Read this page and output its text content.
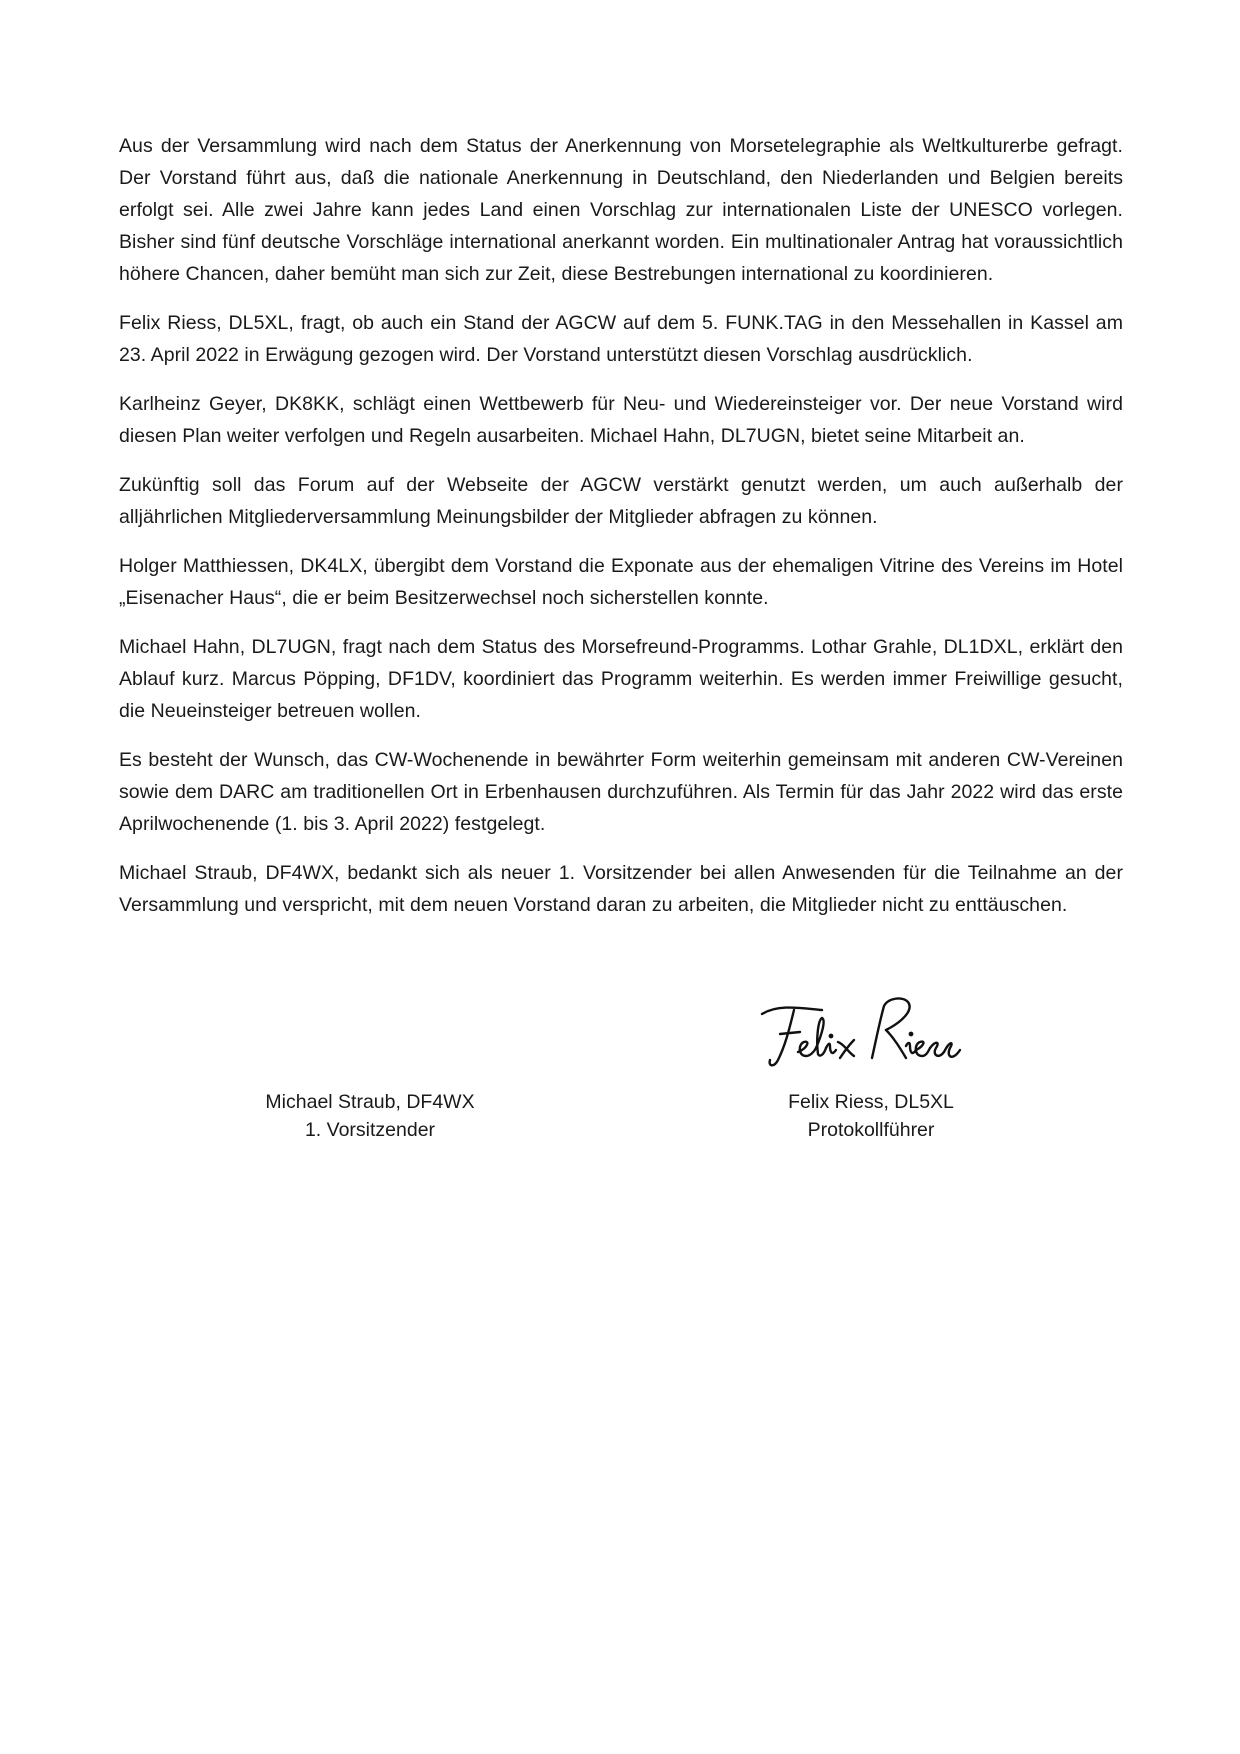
Aus der Versammlung wird nach dem Status der Anerkennung von Morsetelegraphie als Weltkulturerbe gefragt. Der Vorstand führt aus, daß die nationale Anerkennung in Deutschland, den Niederlanden und Belgien bereits erfolgt sei. Alle zwei Jahre kann jedes Land einen Vorschlag zur internationalen Liste der UNESCO vorlegen. Bisher sind fünf deutsche Vorschläge international anerkannt worden. Ein multinationaler Antrag hat voraussichtlich höhere Chancen, daher bemüht man sich zur Zeit, diese Bestrebungen international zu koordinieren.

Felix Riess, DL5XL, fragt, ob auch ein Stand der AGCW auf dem 5. FUNK.TAG in den Messehallen in Kassel am 23. April 2022 in Erwägung gezogen wird. Der Vorstand unterstützt diesen Vorschlag ausdrücklich.

Karlheinz Geyer, DK8KK, schlägt einen Wettbewerb für Neu- und Wiedereinsteiger vor. Der neue Vorstand wird diesen Plan weiter verfolgen und Regeln ausarbeiten. Michael Hahn, DL7UGN, bietet seine Mitarbeit an.

Zukünftig soll das Forum auf der Webseite der AGCW verstärkt genutzt werden, um auch außerhalb der alljährlichen Mitgliederversammlung Meinungsbilder der Mitglieder abfragen zu können.

Holger Matthiessen, DK4LX, übergibt dem Vorstand die Exponate aus der ehemaligen Vitrine des Vereins im Hotel „Eisenacher Haus“, die er beim Besitzerwechsel noch sicherstellen konnte.

Michael Hahn, DL7UGN, fragt nach dem Status des Morsefreund-Programms. Lothar Grahle, DL1DXL, erklärt den Ablauf kurz. Marcus Pöpping, DF1DV, koordiniert das Programm weiterhin. Es werden immer Freiwillige gesucht, die Neueinsteiger betreuen wollen.

Es besteht der Wunsch, das CW-Wochenende in bewährter Form weiterhin gemeinsam mit anderen CW-Vereinen sowie dem DARC am traditionellen Ort in Erbenhausen durchzuführen. Als Termin für das Jahr 2022 wird das erste Aprilwochenende (1. bis 3. April 2022) festgelegt.

Michael Straub, DF4WX, bedankt sich als neuer 1. Vorsitzender bei allen Anwesenden für die Teilnahme an der Versammlung und verspricht, mit dem neuen Vorstand daran zu arbeiten, die Mitglieder nicht zu enttäuschen.

Michael Straub, DF4WX
1. Vorsitzender
Felix Riess, DL5XL
Protokollführer
